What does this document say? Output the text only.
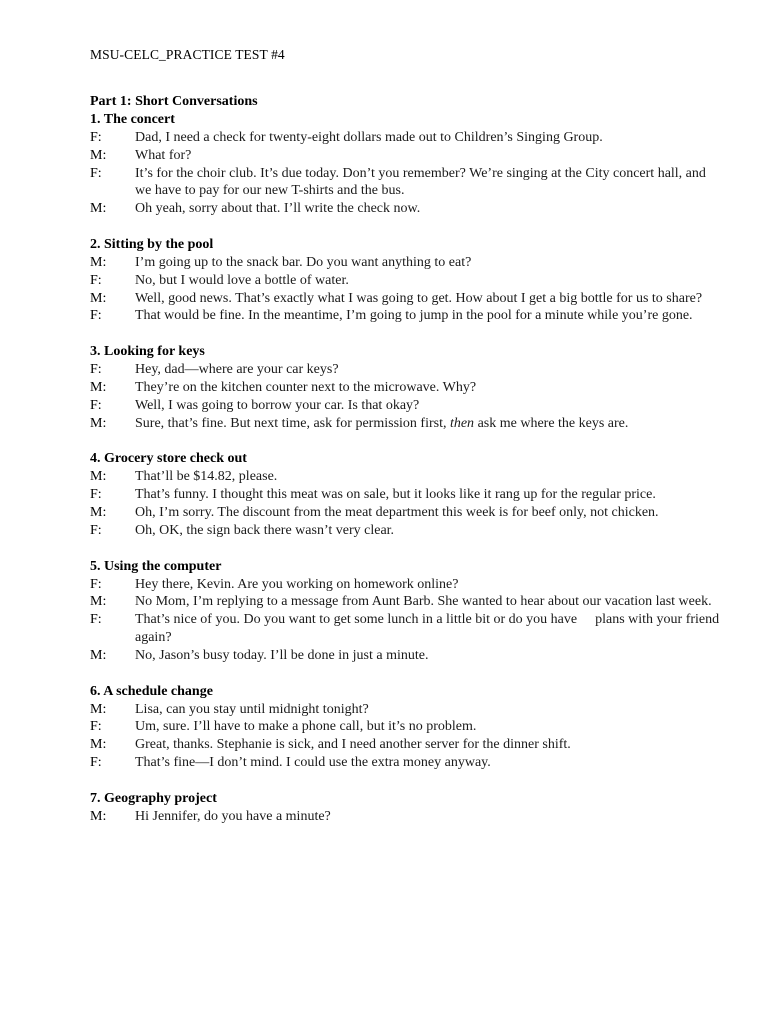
MSU-CELC_PRACTICE TEST #4
Part 1: Short Conversations
1. The concert
F:	Dad, I need a check for twenty-eight dollars made out to Children’s Singing Group.
M:	What for?
F:	It’s for the choir club. It’s due today. Don’t you remember? We’re singing at the City concert hall, and we have to pay for our new T-shirts and the bus.
M:	Oh yeah, sorry about that. I’ll write the check now.
2. Sitting by the pool
M:	I’m going up to the snack bar. Do you want anything to eat?
F:	No, but I would love a bottle of water.
M:	Well, good news. That’s exactly what I was going to get. How about I get a big bottle for us to share?
F:	That would be fine. In the meantime, I’m going to jump in the pool for a minute while you’re gone.
3. Looking for keys
F:	Hey, dad—where are your car keys?
M:	They’re on the kitchen counter next to the microwave. Why?
F:	Well, I was going to borrow your car. Is that okay?
M:	Sure, that’s fine. But next time, ask for permission first, then ask me where the keys are.
4. Grocery store check out
M:	That’ll be $14.82, please.
F:	That’s funny. I thought this meat was on sale, but it looks like it rang up for the regular price.
M:	Oh, I’m sorry. The discount from the meat department this week is for beef only, not chicken.
F:	Oh, OK, the sign back there wasn’t very clear.
5. Using the computer
F:	Hey there, Kevin. Are you working on homework online?
M:	No Mom, I’m replying to a message from Aunt Barb. She wanted to hear about our vacation last week.
F:	That’s nice of you. Do you want to get some lunch in a little bit or do you have plans with your friend again?
M:	No, Jason’s busy today. I’ll be done in just a minute.
6. A schedule change
M:	Lisa, can you stay until midnight tonight?
F:	Um, sure. I’ll have to make a phone call, but it’s no problem.
M:	Great, thanks. Stephanie is sick, and I need another server for the dinner shift.
F:	That’s fine—I don’t mind. I could use the extra money anyway.
7. Geography project
M:	Hi Jennifer, do you have a minute?
